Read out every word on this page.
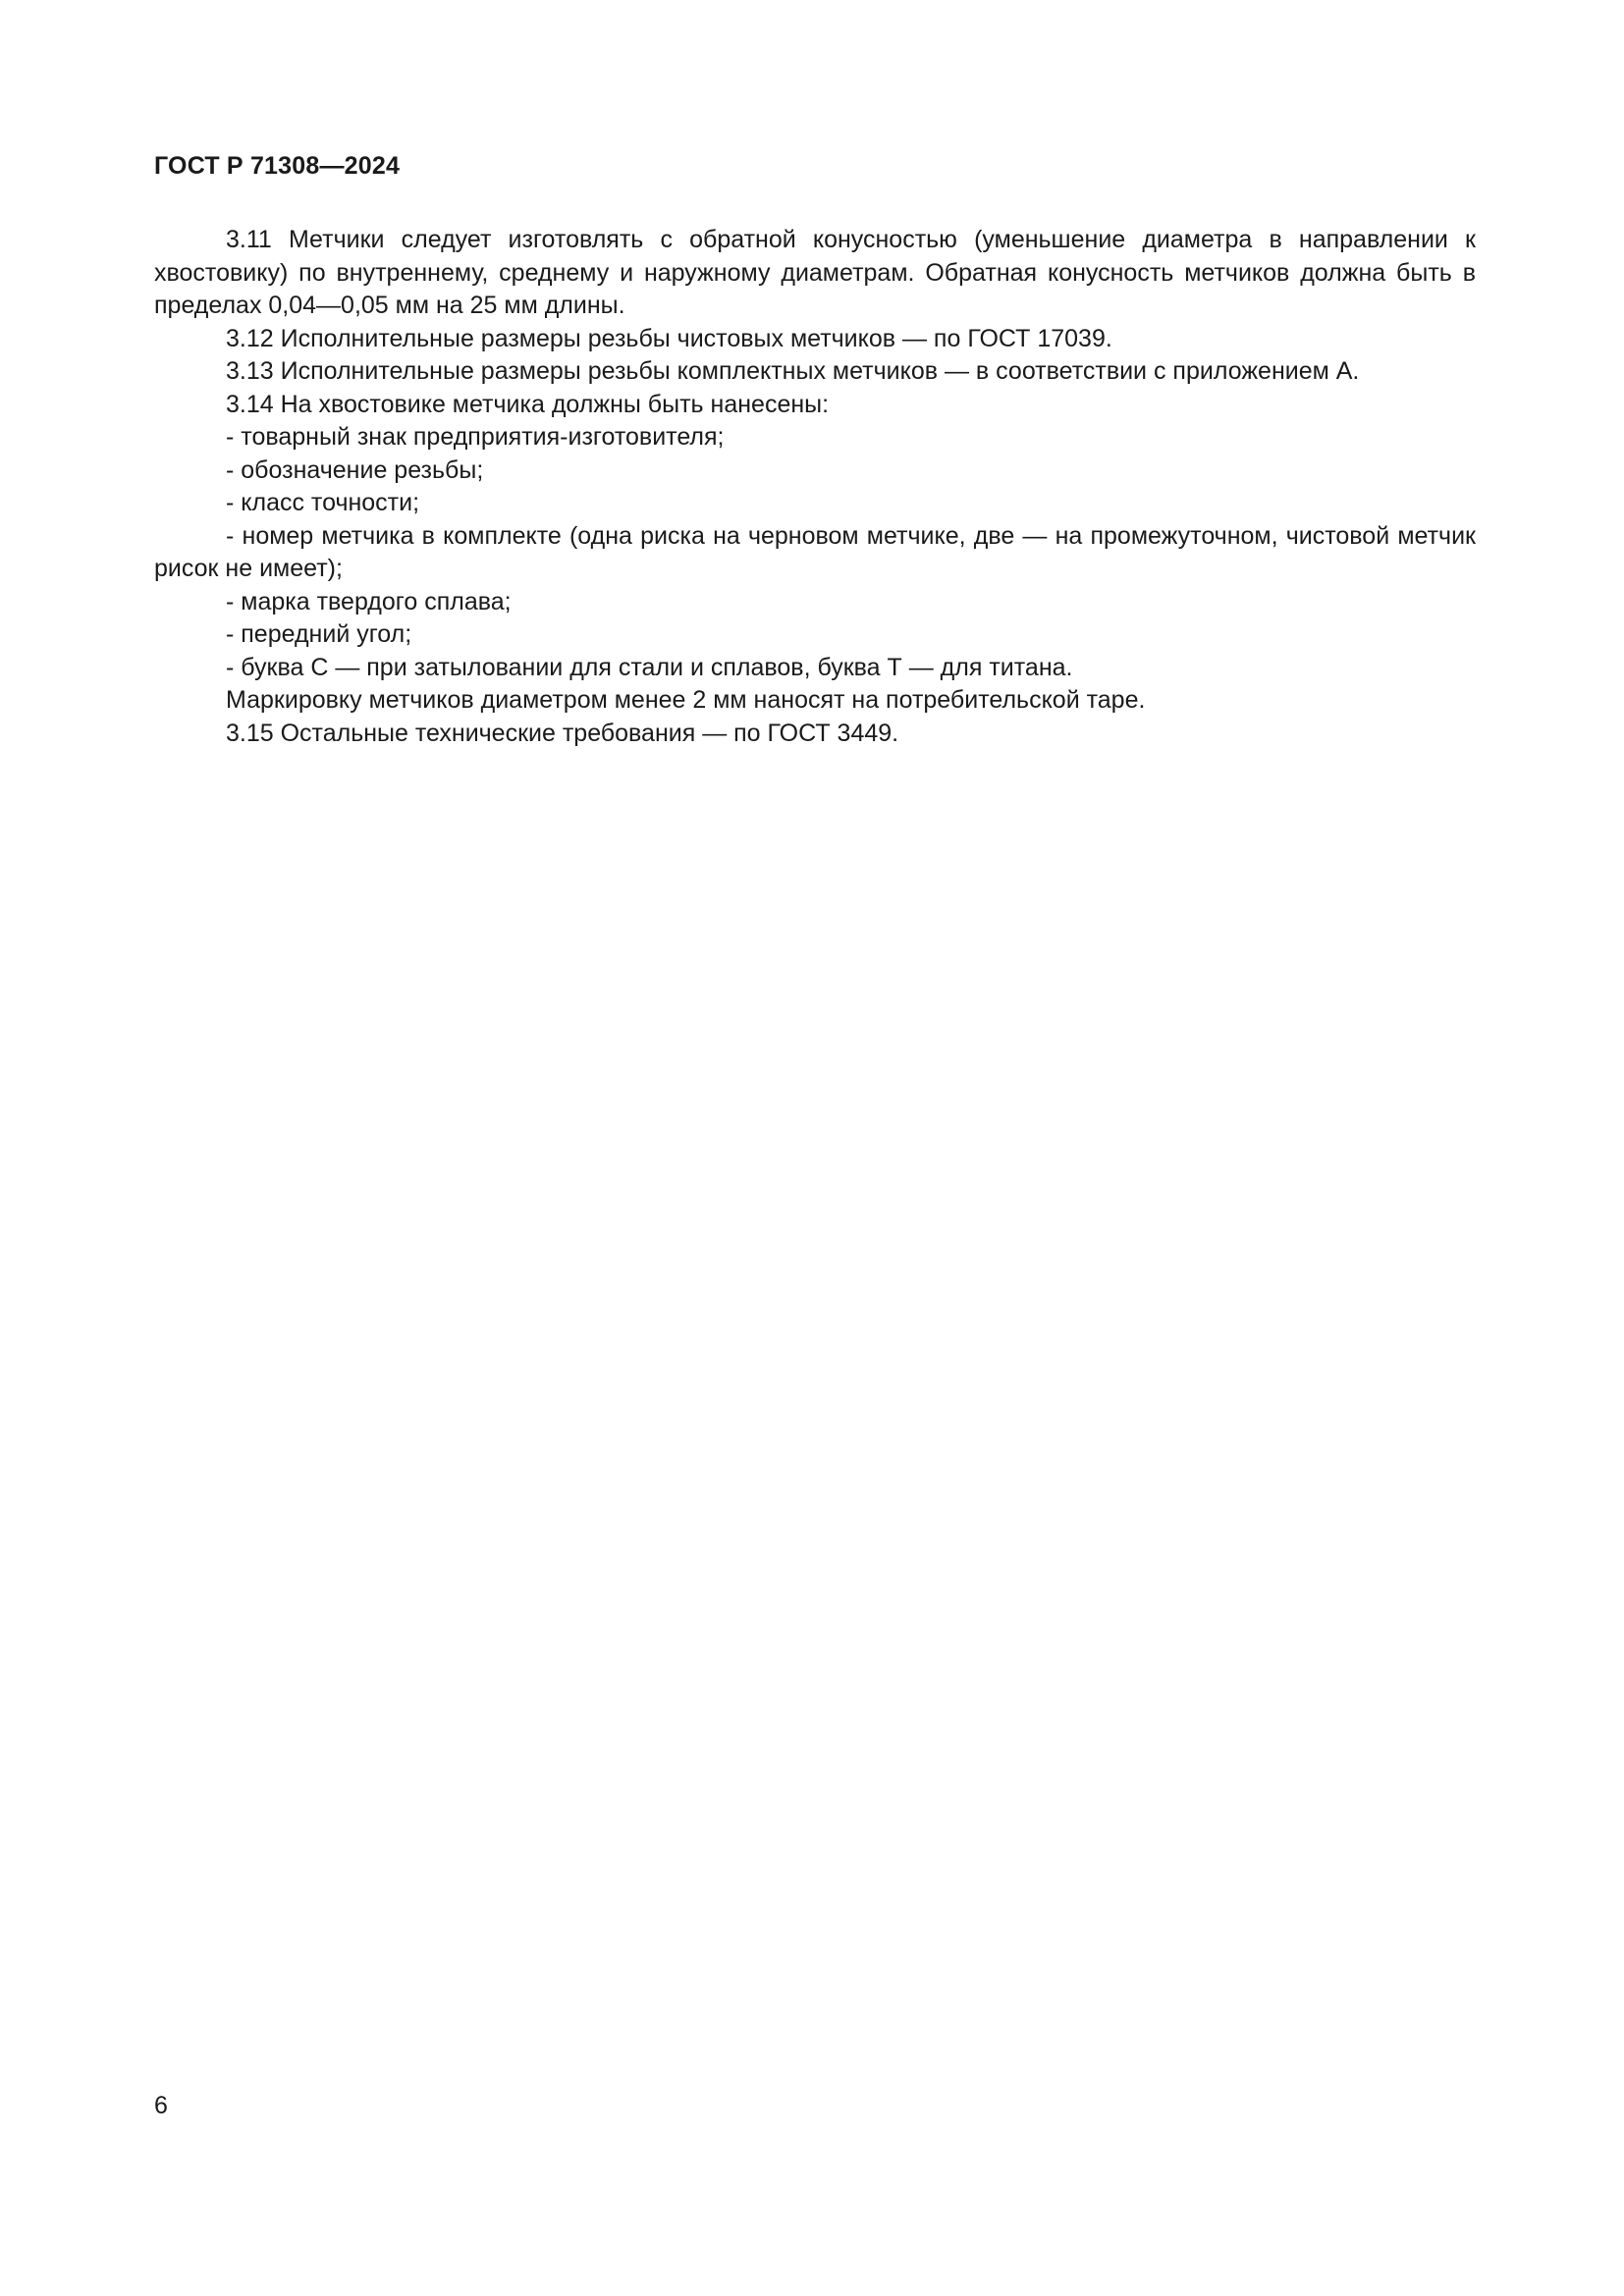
ГОСТ Р 71308—2024

3.11 Метчики следует изготовлять с обратной конусностью (уменьшение диаметра в направлении к хвостовику) по внутреннему, среднему и наружному диаметрам. Обратная конусность метчиков должна быть в пределах 0,04—0,05 мм на 25 мм длины.

3.12 Исполнительные размеры резьбы чистовых метчиков — по ГОСТ 17039.

3.13 Исполнительные размеры резьбы комплектных метчиков — в соответствии с приложением А.

3.14 На хвостовике метчика должны быть нанесены:

- товарный знак предприятия-изготовителя;

- обозначение резьбы;

- класс точности;

- номер метчика в комплекте (одна риска на черновом метчике, две — на промежуточном, чистовой метчик рисок не имеет);

- марка твердого сплава;

- передний угол;

- буква С — при затыловании для стали и сплавов, буква Т — для титана.

Маркировку метчиков диаметром менее 2 мм наносят на потребительской таре.

3.15 Остальные технические требования — по ГОСТ 3449.

6
